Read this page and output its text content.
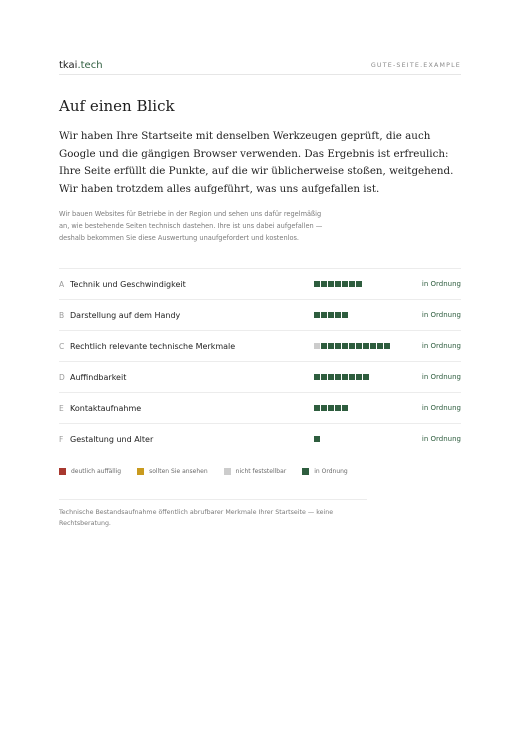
tkai.tech	GUTE-SEITE.EXAMPLE
Auf einen Blick

Wir haben Ihre Startseite mit denselben Werkzeugen geprüft, die auch
Google und die gängigen Browser verwenden. Das Ergebnis ist erfreulich:
Ihre Seite erfüllt die Punkte, auf die wir üblicherweise stoßen, weitgehend.
Wir haben trotzdem alles aufgeführt, was uns aufgefallen ist.

Wir bauen Websites für Betriebe in der Region und sehen uns dafür regelmäßig
an, wie bestehende Seiten technisch dastehen. Ihre ist uns dabei aufgefallen —
deshalb bekommen Sie diese Auswertung unaufgefordert und kostenlos.

A Technik und Geschwindigkeit	in Ordnung
B Darstellung auf dem Handy	in Ordnung
C Rechtlich relevante technische Merkmale	in Ordnung
D Auffindbarkeit	in Ordnung
E Kontaktaufnahme	in Ordnung
F Gestaltung und Alter	in Ordnung
deutlich auffällig	sollten Sie ansehen	nicht feststellbar	in Ordnung

Technische Bestandsaufnahme öffentlich abrufbarer Merkmale Ihrer Startseite — keine
Rechtsberatung.
